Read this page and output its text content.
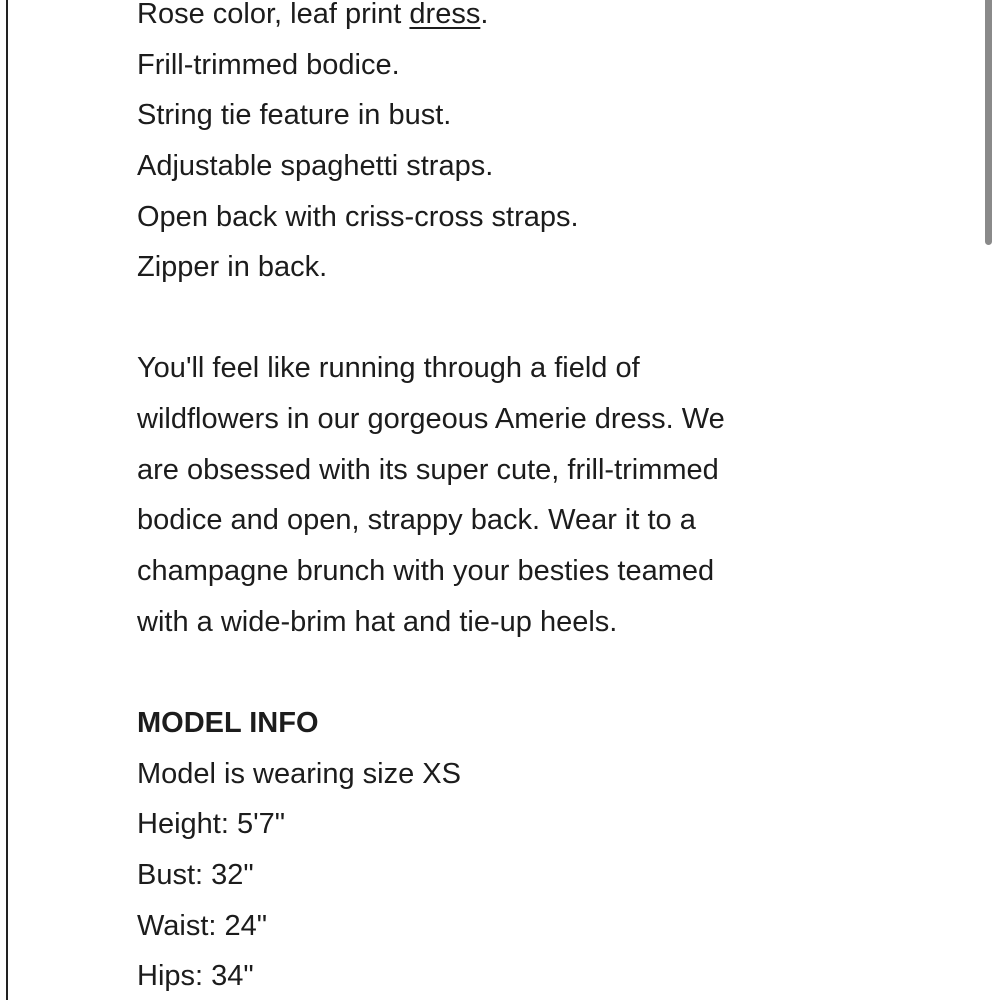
Rose color, leaf print dress.
Frill-trimmed bodice.
String tie feature in bust.
Adjustable spaghetti straps.
Open back with criss-cross straps.
Zipper in back.
You'll feel like running through a field of
wildflowers in our gorgeous Amerie dress. We
are obsessed with its super cute, frill-trimmed
bodice and open, strappy back. Wear it to a
champagne brunch with your besties teamed
with a wide-brim hat and tie-up heels.
MODEL INFO
Model is wearing size XS
Height: 5'7"
Bust: 32"
Waist: 24"
Hips: 34"
